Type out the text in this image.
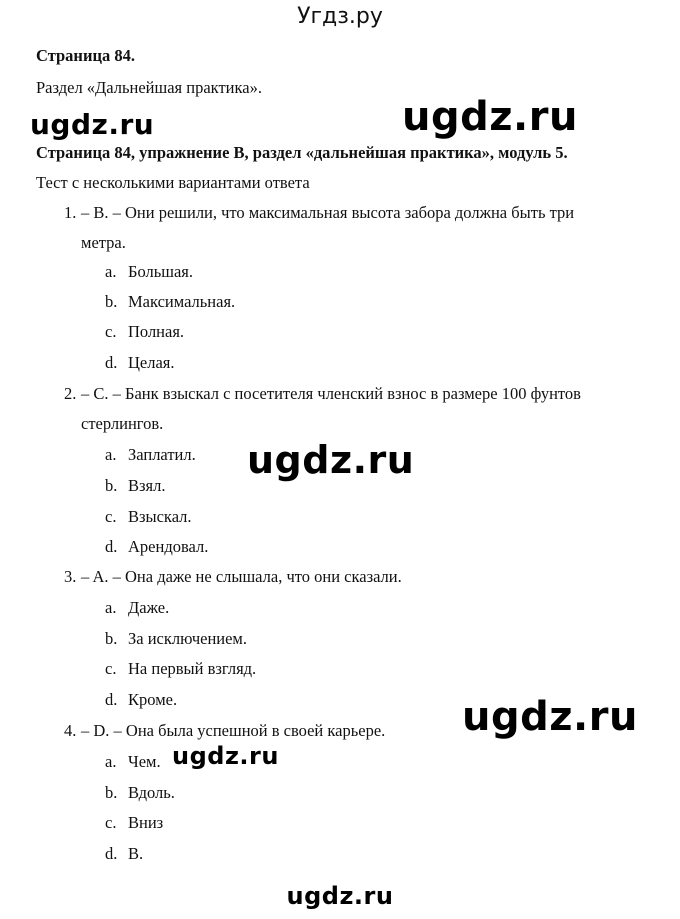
Угдз.ру
Страница 84.
Раздел «Дальнейшая практика».
Страница 84, упражнение B, раздел «дальнейшая практика», модуль 5.
Тест с несколькими вариантами ответа
1. – B. – Они решили, что максимальная высота забора должна быть три
метра.
a. Большая.
b. Максимальная.
c. Полная.
d. Целая.
2. – C. – Банк взыскал с посетителя членский взнос в размере 100 фунтов
стерлингов.
a. Заплатил.
b. Взял.
c. Взыскал.
d. Арендовал.
3. – A. – Она даже не слышала, что они сказали.
a. Даже.
b. За исключением.
c. На первый взгляд.
d. Кроме.
4. – D. – Она была успешной в своей карьере.
a. Чем.
b. Вдоль.
c. Вниз
d. В.
ugdz.ru	ugdz.ru
ugdz.ru
ugdz.ru
ugdz.ru
ugdz.ru
